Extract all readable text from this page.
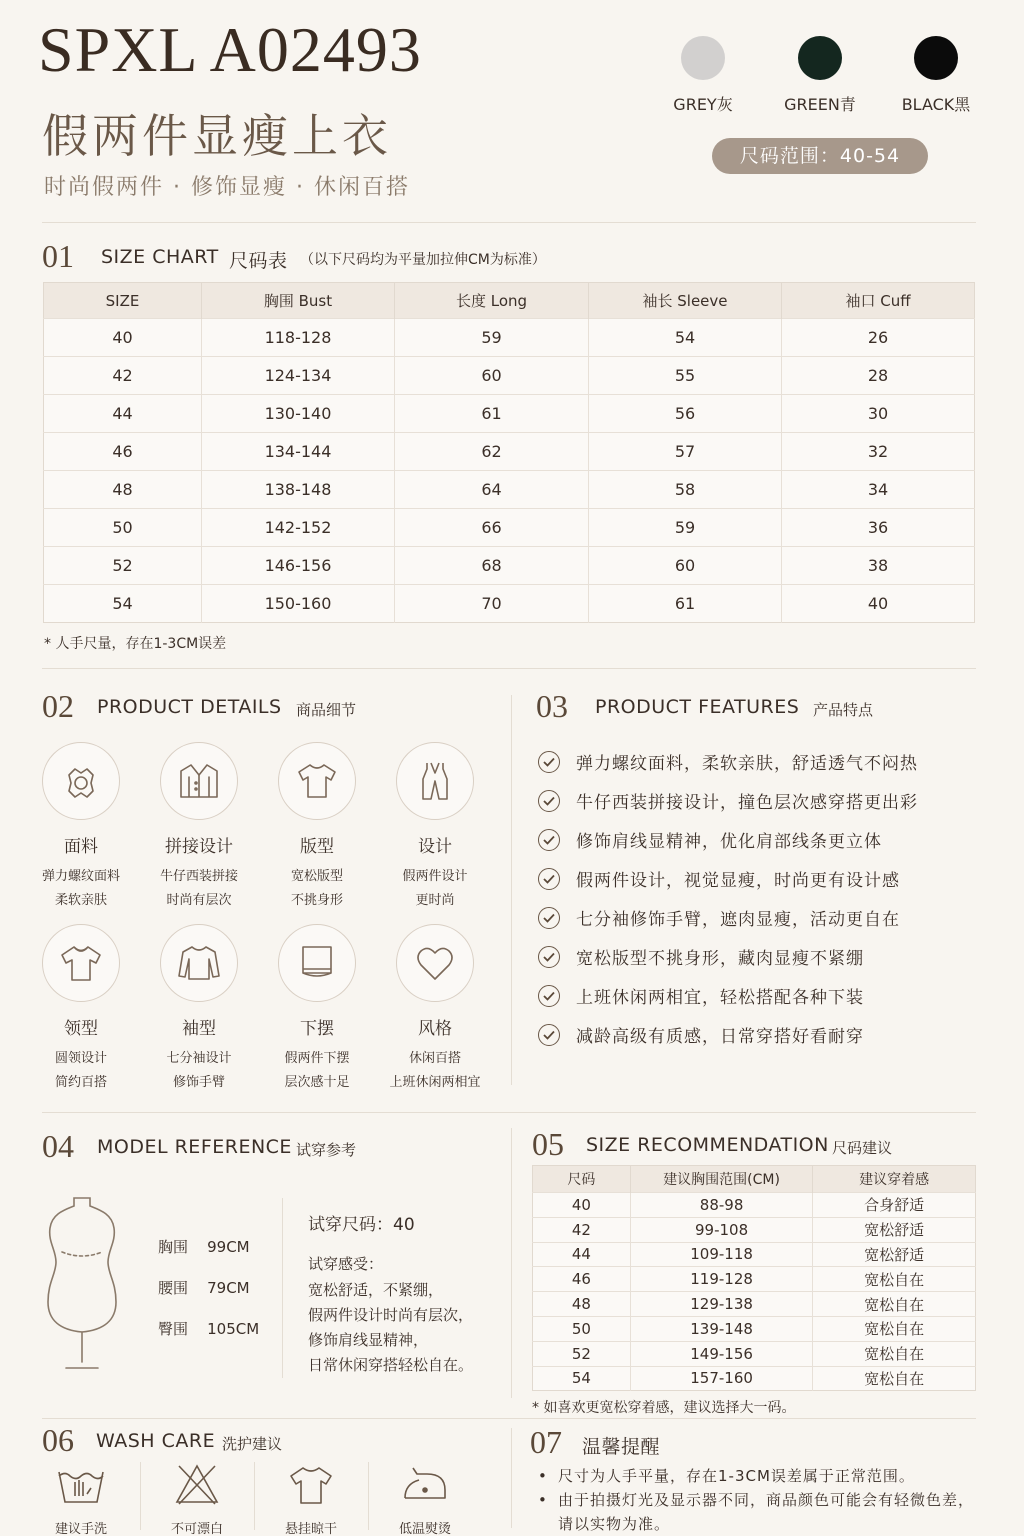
SPXL A02493
假两件显瘦上衣
时尚假两件 · 修饰显瘦 · 休闲百搭
GREY灰	GREEN青	BLACK黑
尺码范围：40-54
01 SIZE CHART 尺码表 （以下尺码均为平量加拉伸CM为标准）
SIZE	胸围 Bust	长度 Long	袖长 Sleeve	袖口 Cuff
40	118-128	59	54	26
42	124-134	60	55	28
44	130-140	61	56	30
46	134-144	62	57	32
48	138-148	64	58	34
50	142-152	66	59	36
52	146-156	68	60	38
54	150-160	70	61	40
* 人手尺量，存在1-3CM误差
02 PRODUCT DETAILS 商品细节
面料
弹力螺纹面料
柔软亲肤
拼接设计
牛仔西装拼接
时尚有层次
版型
宽松版型
不挑身形
设计
假两件设计
更时尚
领型
圆领设计
简约百搭
袖型
七分袖设计
修饰手臂
下摆
假两件下摆
层次感十足
风格
休闲百搭
上班休闲两相宜
03 PRODUCT FEATURES 产品特点
弹力螺纹面料，柔软亲肤，舒适透气不闷热
牛仔西装拼接设计，撞色层次感穿搭更出彩
修饰肩线显精神，优化肩部线条更立体
假两件设计，视觉显瘦，时尚更有设计感
七分袖修饰手臂，遮肉显瘦，活动更自在
宽松版型不挑身形，藏肉显瘦不紧绷
上班休闲两相宜，轻松搭配各种下装
减龄高级有质感，日常穿搭好看耐穿
04 MODEL REFERENCE 试穿参考
胸围 99CM
腰围 79CM
臀围 105CM
试穿尺码：40
试穿感受：
宽松舒适，不紧绷，
假两件设计时尚有层次，
修饰肩线显精神，
日常休闲穿搭轻松自在。
05 SIZE RECOMMENDATION 尺码建议
尺码	建议胸围范围(CM)	建议穿着感
40	88-98	合身舒适
42	99-108	宽松舒适
44	109-118	宽松舒适
46	119-128	宽松自在
48	129-138	宽松自在
50	139-148	宽松自在
52	149-156	宽松自在
54	157-160	宽松自在
* 如喜欢更宽松穿着感，建议选择大一码。
06 WASH CARE 洗护建议
建议手洗	不可漂白	悬挂晾干	低温熨烫
07 温馨提醒
• 尺寸为人手平量，存在1-3CM误差属于正常范围。
• 由于拍摄灯光及显示器不同，商品颜色可能会有轻微色差，请以实物为准。
